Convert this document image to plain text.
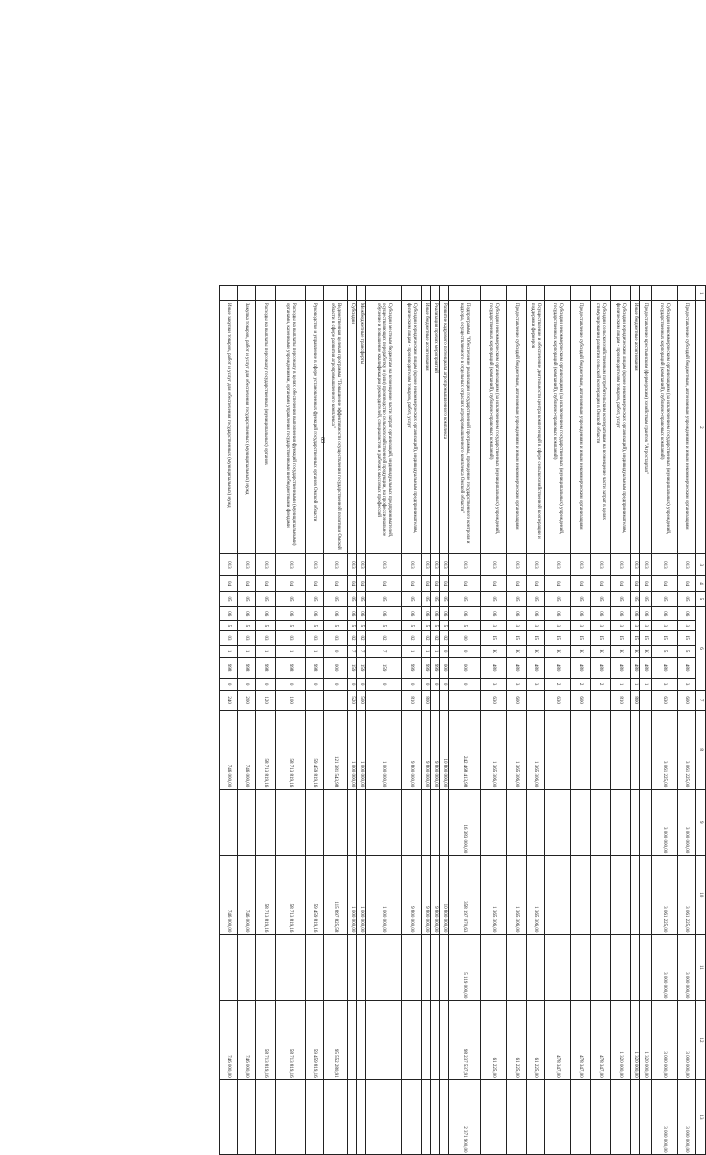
63
1	2	3	4	5	6						7	8	9	10	11	12	13
	Предоставление субсидий бюджетным, автономным учреждениям и иным некоммерческим организациям	013	04	05	06	3	I5	5	480	3	600	3 061 225,00	3 000 000,00	3 061 225,00	3 000 000,00	3 000 000,00	3 000 000,00
	Субсидии некоммерческим организациям (за исключением государственных (муниципальных) учреждений, государственных корпораций (компаний), публично-правовых компаний)	013	04	05	06	3	I5	5	480	3	630	3 061 225,00	3 000 000,00	3 061 225,00	3 000 000,00	3 000 000,00	3 000 000,00
	Предоставление крестьянским (фермерским) хозяйствам грантов "Агростартап"	013	04	05	06	3	I5	К	480	1						1 320 000,00	
	Иные бюджетные ассигнования	013	04	05	06	3	I5	К	480	1	800					1 320 000,00	
	Субсидии юридическим лицам (кроме некоммерческих организаций), индивидуальным предпринимателям, физическим лицам - производителям товаров, работ, услуг	013	04	05	06	3	I5	К	480	1	810					1 320 000,00	
	Субсидии сельскохозяйственным потребительским кооперативам на возмещение части затрат в целях стимулирования развития сельской кооперации в Омской области	013	04	05	06	3	I5	К	480	2						478 347,00	
	Предоставление субсидий бюджетным, автономным учреждениям и иным некоммерческим организациям	013	04	05	06	3	I5	К	480	2	600					478 347,00	
	Субсидии некоммерческим организациям (за исключением государственных (муниципальных) учреждений, государственных корпораций (компаний), публично-правовых компаний)	013	04	05	06	3	I5	К	480	2	630					478 347,00	
	Осуществление и обеспечение деятельности центра компетенций в сфере сельскохозяйственной кооперации и поддержки фермеров	013	04	05	06	3	I5	К	480	3		1 365 306,00		1 365 306,00		61 225,00	
	Предоставление субсидий бюджетным, автономным учреждениям и иным некоммерческим организациям	013	04	05	06	3	I5	К	480	3	600	1 365 306,00		1 365 306,00		61 225,00	
	Субсидии некоммерческим организациям (за исключением государственных (муниципальных) учреждений, государственных корпораций (компаний), публично-правовых компаний)	013	04	05	06	3	I5	К	480	3	630	1 365 306,00		1 365 306,00		61 225,00	
	Подпрограмма "Обеспечение реализации государственной программы, проведение государственного контроля и надзора, осуществляемого в отдельных отраслях агропромышленного комплекса Омской области"	013	04	05	06	5	00	0	000	0		242 468 413,98	16 383 000,00	358 197 070,63	5 119 000,00	98 237 537,91	2 371 900,00
	Развитие кадрового потенциала агропромышленного комплекса	013	04	05	06	5	02	0	000	0		10 800 000,00		10 800 000,00			
	Реализация прочих мероприятий	013	04	05	06	5	02	1	999	0		9 800 000,00		9 800 000,00			
	Иные бюджетные ассигнования	013	04	05	06	5	02	1	999	0	800	9 800 000,00		9 800 000,00			
	Субсидии юридическим лицам (кроме некоммерческих организаций), индивидуальным предпринимателям, физическим лицам - производителям товаров, работ, услуг	013	04	05	06	5	02	1	999	0	810	9 800 000,00		9 800 000,00			
	Субсидии местным бюджетам на возмещение части затрат организаций, индивидуальных предпринимателей, осуществляющих переработку и (или) производство сельскохозяйственной продукции, на профессиональное обучение и повышение квалификации руководителей, специалистов и рабочих массовых профессий	013	04	05	06	5	02	7	159	0		1 000 000,00		1 000 000,00			
	Межбюджетные трансферты	013	04	05	06	5	02	7	159	0	500	1 000 000,00		1 000 000,00			
	Субсидии	013	04	05	06	5	02	7	159	0	520	1 000 000,00		1 000 000,00			
	Ведомственная целевая программа "Повышение эффективности осуществления государственной политики Омской области в сфере развития агропромышленного комплекса"	013	04	05	06	5	03	0	000	0		121 381 543,98		115 897 825,58		95 552 280,91	
	Руководство и управление в сфере установленных функций государственных органов Омской области	013	04	05	06	5	03	1	998	0		59 459 819,16		59 459 819,16		59 459 819,16	
	Расходы на выплаты персоналу в целях обеспечения выполнения функций государственными (муниципальными) органами, казенными учреждениями, органами управления государственными внебюджетными фондами	013	04	05	06	5	03	1	998	0	100	58 713 819,16		58 713 819,16		58 713 819,16	
	Расходы на выплаты персоналу государственных (муниципальных) органов	013	04	05	06	5	03	1	998	0	120	58 713 819,16		58 713 819,16		58 713 819,16	
	Закупка товаров, работ и услуг для обеспечения государственных (муниципальных) нужд	013	04	05	06	5	03	1	998	0	200	746 000,00		746 000,00		746 000,00	
	Иные закупки товаров, работ и услуг для обеспечения государственных (муниципальных) нужд	013	04	05	06	5	03	1	998	0	240	746 000,00		746 000,00		746 000,00	
